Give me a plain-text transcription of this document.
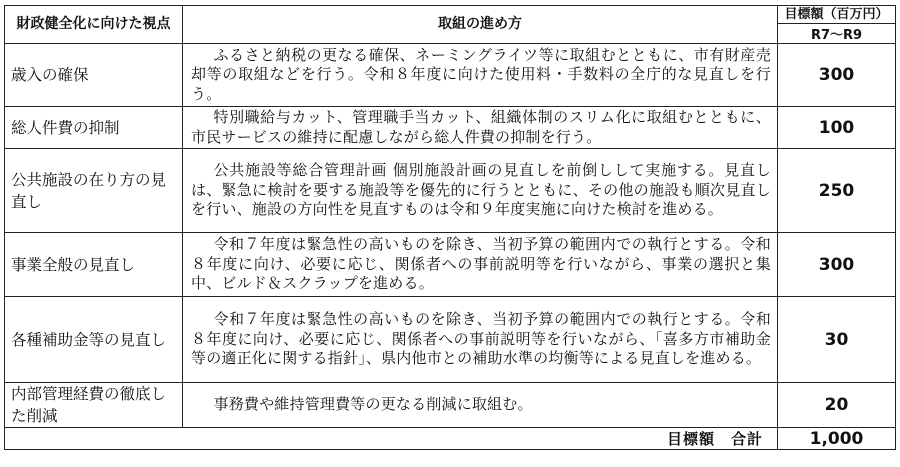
財政健全化に向けた視点	取組の進め方	目標額（百万円）
		R7～R9
歳入の確保	ふるさと納税の更なる確保、ネーミングライツ等に取組むとともに、市有財産売却等の取組などを行う。令和８年度に向けた使用料・手数料の全庁的な見直しを行う。	300
総人件費の抑制	特別職給与カット、管理職手当カット、組織体制のスリム化に取組むとともに、市民サービスの維持に配慮しながら総人件費の抑制を行う。	100
公共施設の在り方の見直し	公共施設等総合管理計画 個別施設計画の見直しを前倒しして実施する。見直しは、緊急に検討を要する施設等を優先的に行うとともに、その他の施設も順次見直しを行い、施設の方向性を見直すものは令和９年度実施に向けた検討を進める。	250
事業全般の見直し	令和７年度は緊急性の高いものを除き、当初予算の範囲内での執行とする。令和８年度に向け、必要に応じ、関係者への事前説明等を行いながら、事業の選択と集中、ビルド＆スクラップを進める。	300
各種補助金等の見直し	令和７年度は緊急性の高いものを除き、当初予算の範囲内での執行とする。令和８年度に向け、必要に応じ、関係者への事前説明等を行いながら、「喜多方市補助金等の適正化に関する指針」、県内他市との補助水準の均衡等による見直しを進める。	30
内部管理経費の徹底した削減	事務費や維持管理費等の更なる削減に取組む。	20
目標額　合計		1,000
